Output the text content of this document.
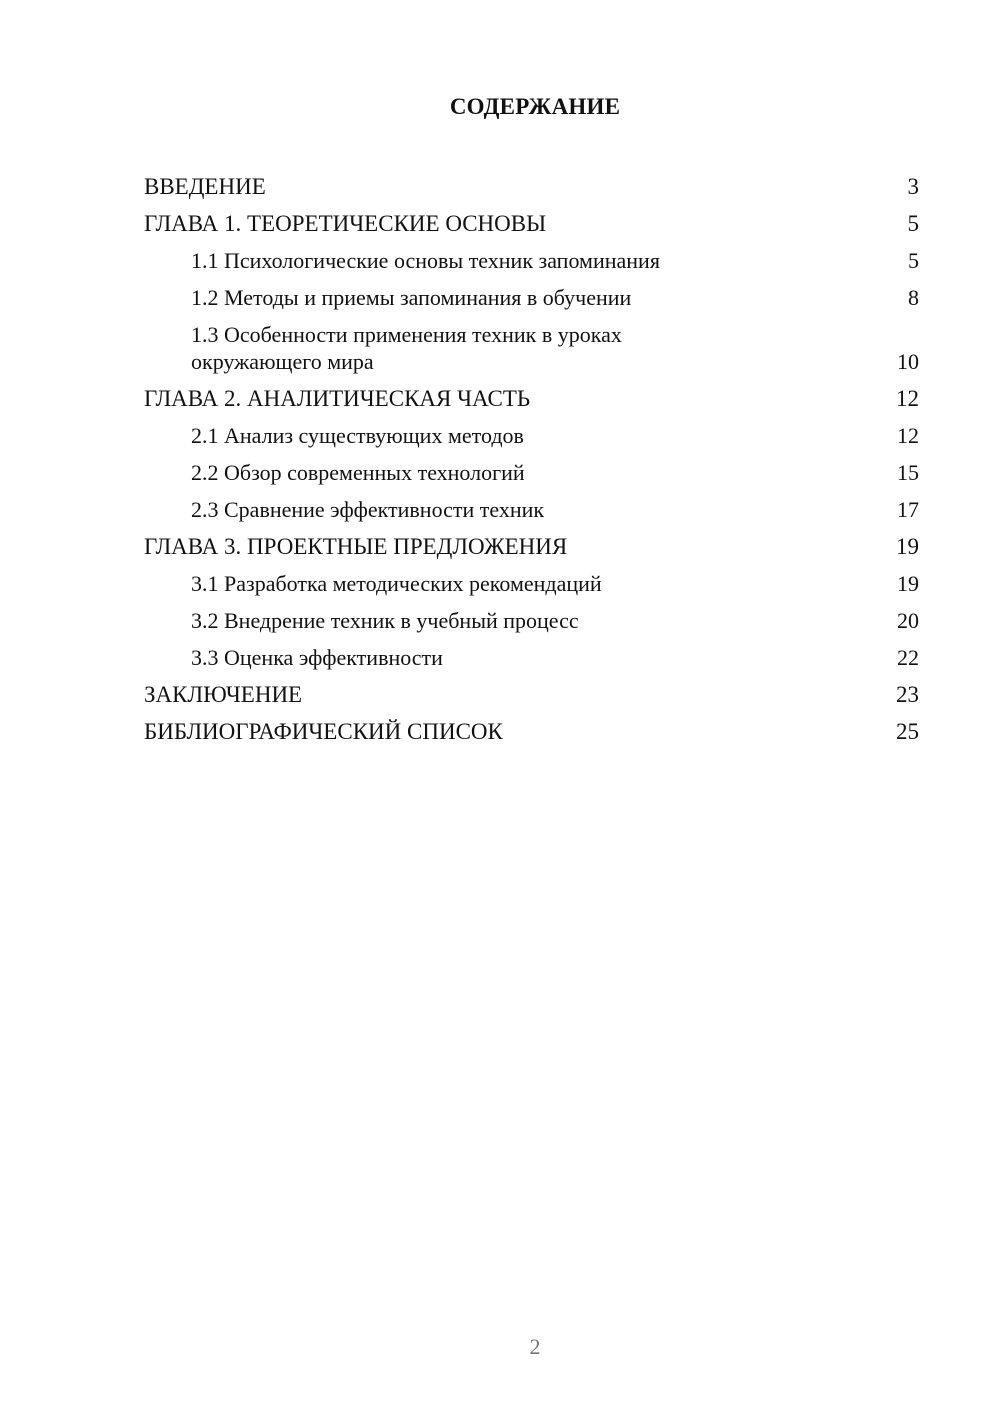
СОДЕРЖАНИЕ
ВВЕДЕНИЕ	3
ГЛАВА 1. ТЕОРЕТИЧЕСКИЕ ОСНОВЫ	5
1.1 Психологические основы техник запоминания	5
1.2 Методы и приемы запоминания в обучении	8
1.3 Особенности применения техник в уроках окружающего мира	10
ГЛАВА 2. АНАЛИТИЧЕСКАЯ ЧАСТЬ	12
2.1 Анализ существующих методов	12
2.2 Обзор современных технологий	15
2.3 Сравнение эффективности техник	17
ГЛАВА 3. ПРОЕКТНЫЕ ПРЕДЛОЖЕНИЯ	19
3.1 Разработка методических рекомендаций	19
3.2 Внедрение техник в учебный процесс	20
3.3 Оценка эффективности	22
ЗАКЛЮЧЕНИЕ	23
БИБЛИОГРАФИЧЕСКИЙ СПИСОК	25
2
